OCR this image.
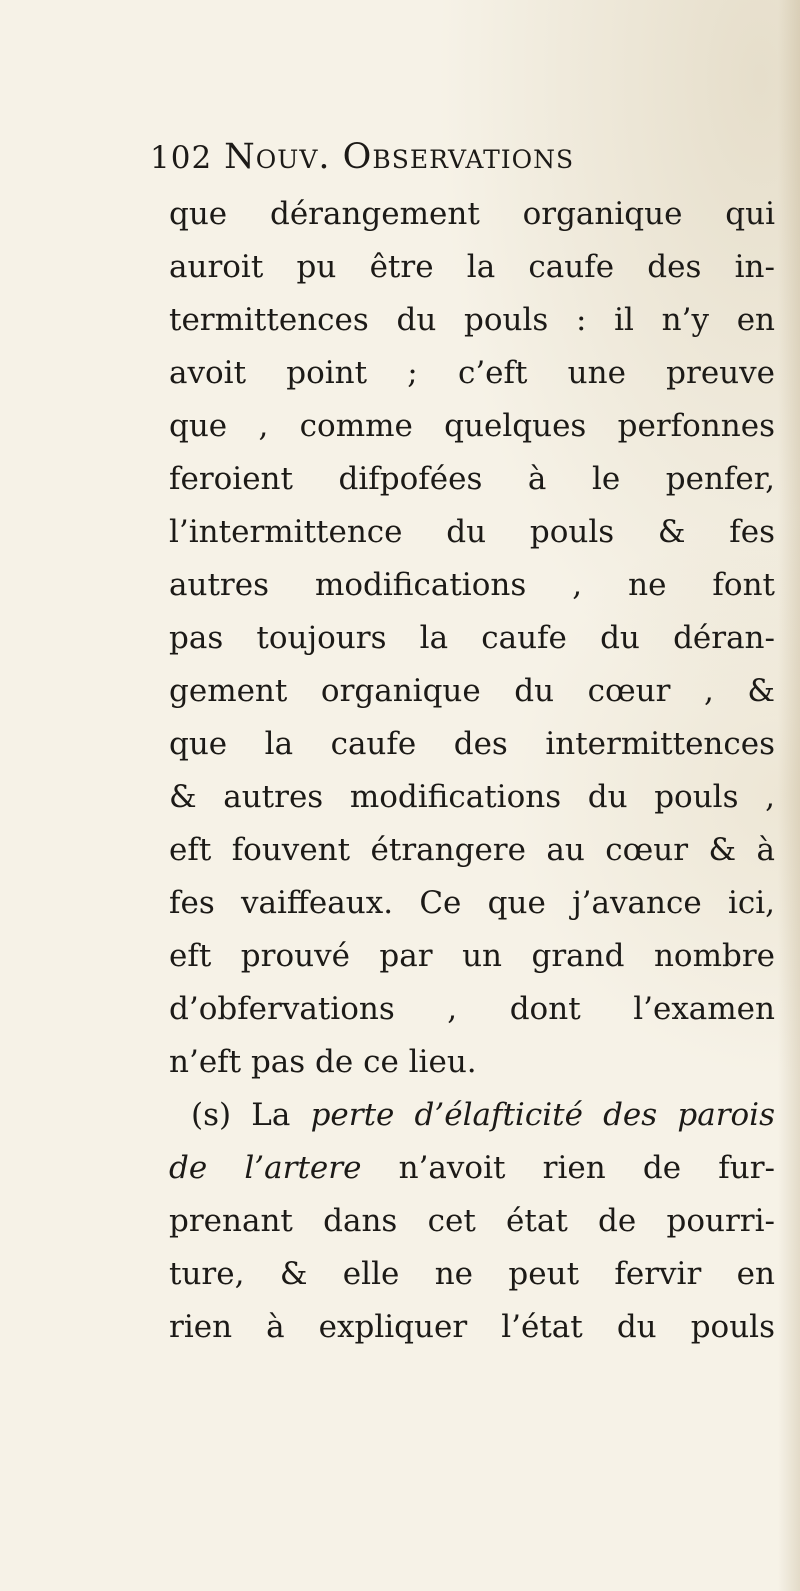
102 Nouv. Observations
que dérangement organique qui
auroit pu être la caufe des in-
termittences du pouls : il n’y en
avoit point ; c’eft une preuve
que , comme quelques perfonnes
feroient difpofées à le penfer,
l’intermittence du pouls & fes
autres modifications , ne font
pas toujours la caufe du déran-
gement organique du cœur , &
que la caufe des intermittences
& autres modifications du pouls ,
eft fouvent étrangere au cœur & à
fes vaiffeaux. Ce que j’avance ici,
eft prouvé par un grand nombre
d’obfervations , dont l’examen
n’eft pas de ce lieu.
(s) La perte d’élafticité des parois
de l’artere n’avoit rien de fur-
prenant dans cet état de pourri-
ture, & elle ne peut fervir en
rien à expliquer l’état du pouls
